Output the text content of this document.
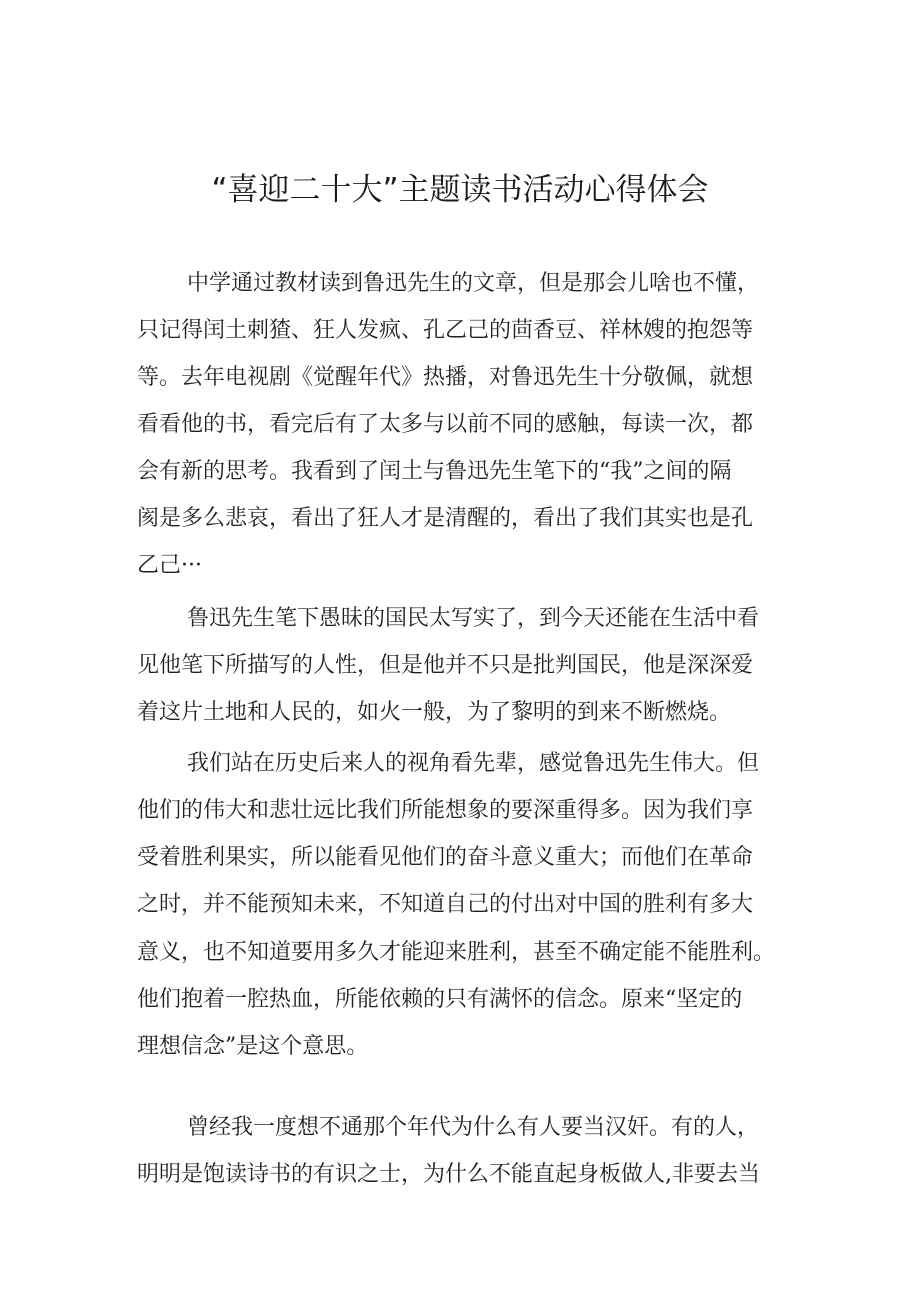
“喜迎二十大”主题读书活动心得体会
中学通过教材读到鲁迅先生的文章，但是那会儿啥也不懂，
只记得闰土刺猹、狂人发疯、孔乙己的茴香豆、祥林嫂的抱怨等
等。去年电视剧《觉醒年代》热播，对鲁迅先生十分敬佩，就想
看看他的书，看完后有了太多与以前不同的感触，每读一次，都
会有新的思考。我看到了闰土与鲁迅先生笔下的“我”之间的隔
阂是多么悲哀，看出了狂人才是清醒的，看出了我们其实也是孔
乙己···
鲁迅先生笔下愚昧的国民太写实了，到今天还能在生活中看
见他笔下所描写的人性，但是他并不只是批判国民，他是深深爱
着这片土地和人民的，如火一般，为了黎明的到来不断燃烧。
我们站在历史后来人的视角看先辈，感觉鲁迅先生伟大。但
他们的伟大和悲壮远比我们所能想象的要深重得多。因为我们享
受着胜利果实，所以能看见他们的奋斗意义重大；而他们在革命
之时，并不能预知未来，不知道自己的付出对中国的胜利有多大
意义，也不知道要用多久才能迎来胜利，甚至不确定能不能胜利。
他们抱着一腔热血，所能依赖的只有满怀的信念。原来“坚定的
理想信念”是这个意思。
曾经我一度想不通那个年代为什么有人要当汉奸。有的人，
明明是饱读诗书的有识之士，为什么不能直起身板做人,非要去当
